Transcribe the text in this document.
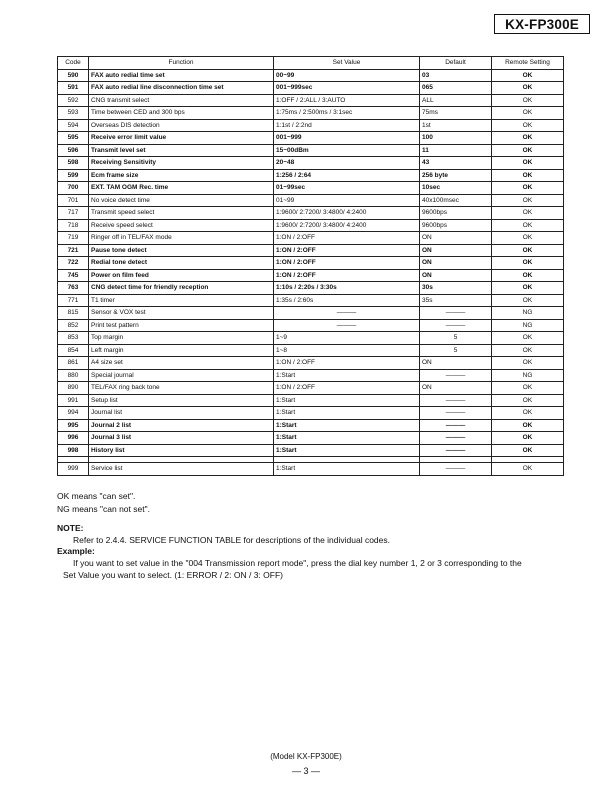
KX-FP300E
Code	Function	Set Value	Default	Remote Setting
590	FAX auto redial time set	00~99	03	OK
591	FAX auto redial line disconnection time set	001~999sec	065	OK
592	CNG transmit select	1:OFF / 2:ALL / 3:AUTO	ALL	OK
593	Time between CED and 300 bps	1:75ms / 2:500ms / 3:1sec	75ms	OK
594	Overseas DIS detection	1:1st / 2:2nd	1st	OK
595	Receive error limit value	001~999	100	OK
596	Transmit level set	15~00dBm	11	OK
598	Receiving Sensitivity	20~48	43	OK
599	Ecm frame size	1:256 / 2:64	256 byte	OK
700	EXT. TAM OGM Rec. time	01~99sec	10sec	OK
701	No voice detect time	01~99	40x100msec	OK
717	Transmit speed select	1:9600/ 2:7200/ 3:4800/ 4:2400	9600bps	OK
718	Receive speed select	1:9600/ 2:7200/ 3:4800/ 4:2400	9600bps	OK
719	Ringer off in TEL/FAX mode	1:ON / 2:OFF	ON	OK
721	Pause tone detect	1:ON / 2:OFF	ON	OK
722	Redial tone detect	1:ON / 2:OFF	ON	OK
745	Power on film feed	1:ON / 2:OFF	ON	OK
763	CNG detect time for friendly reception	1:10s / 2:20s / 3:30s	30s	OK
771	T1 timer	1:35s / 2:60s	35s	OK
815	Sensor & VOX test	———	———	NG
852	Print test pattern	———	———	NG
853	Top margin	1~9	5	OK
854	Left margin	1~8	5	OK
861	A4 size set	1:ON / 2:OFF	ON	OK
880	Special journal	1:Start	———	NG
890	TEL/FAX ring back tone	1:ON / 2:OFF	ON	OK
991	Setup list	1:Start	———	OK
994	Journal list	1:Start	———	OK
995	Journal 2 list	1:Start	———	OK
996	Journal 3 list	1:Start	———	OK
998	History list	1:Start	———	OK

999	Service list	1:Start	———	OK
OK means "can set".
NG means "can not set".
NOTE:
Refer to 2.4.4. SERVICE FUNCTION TABLE for descriptions of the individual codes.
Example:
If you want to set value in the "004 Transmission report mode", press the dial key number 1, 2 or 3 corresponding to the
Set Value you want to select. (1: ERROR / 2: ON / 3: OFF)
(Model KX-FP300E)
— 3 —
